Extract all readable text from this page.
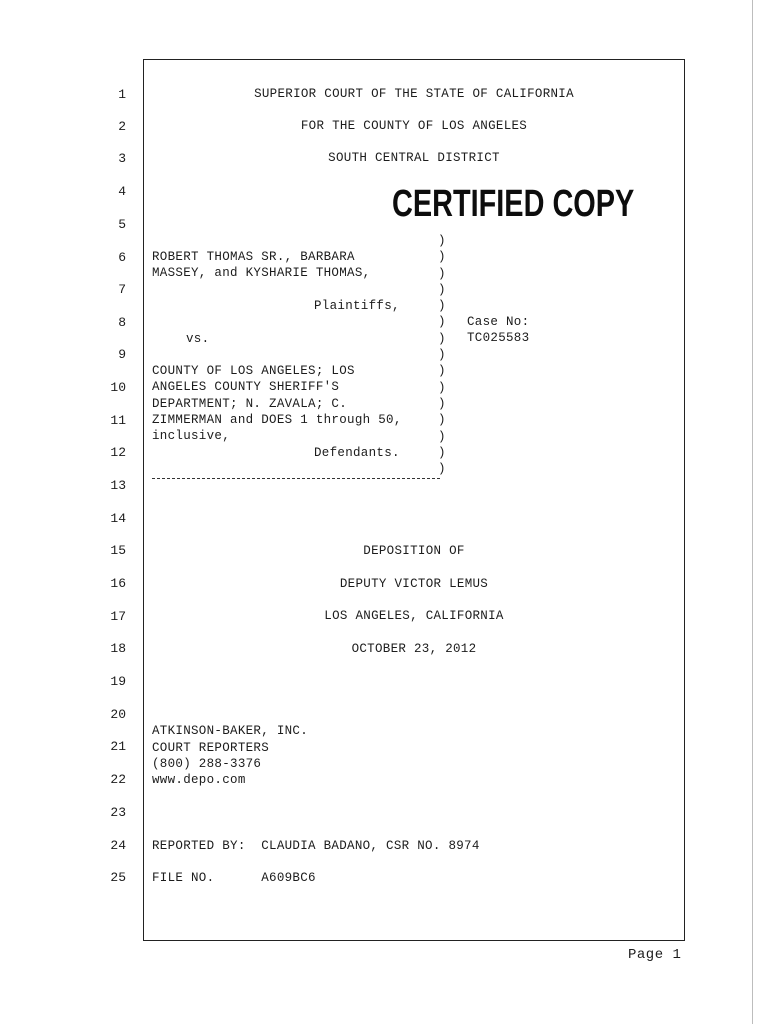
1
2
3
4
5
6
7
8
9
10
11
12
13
14
15
16
17
18
19
20
21
22
23
24
25
SUPERIOR COURT OF THE STATE OF CALIFORNIA
FOR THE COUNTY OF LOS ANGELES
SOUTH CENTRAL DISTRICT
CERTIFIED COPY
)
)
)
)
)
)
)
)
)
)
)
)
)
)
)
ROBERT THOMAS SR., BARBARA
MASSEY, and KYSHARIE THOMAS,
Plaintiffs,
vs.
COUNTY OF LOS ANGELES; LOS
ANGELES COUNTY SHERIFF'S
DEPARTMENT; N. ZAVALA; C.
ZIMMERMAN and DOES 1 through 50,
inclusive,
Defendants.
Case No:
TC025583
DEPOSITION OF
DEPUTY VICTOR LEMUS
LOS ANGELES, CALIFORNIA
OCTOBER 23, 2012
ATKINSON-BAKER, INC.
COURT REPORTERS
(800) 288-3376
www.depo.com
REPORTED BY:  CLAUDIA BADANO, CSR NO. 8974
FILE NO.      A609BC6
Page 1
